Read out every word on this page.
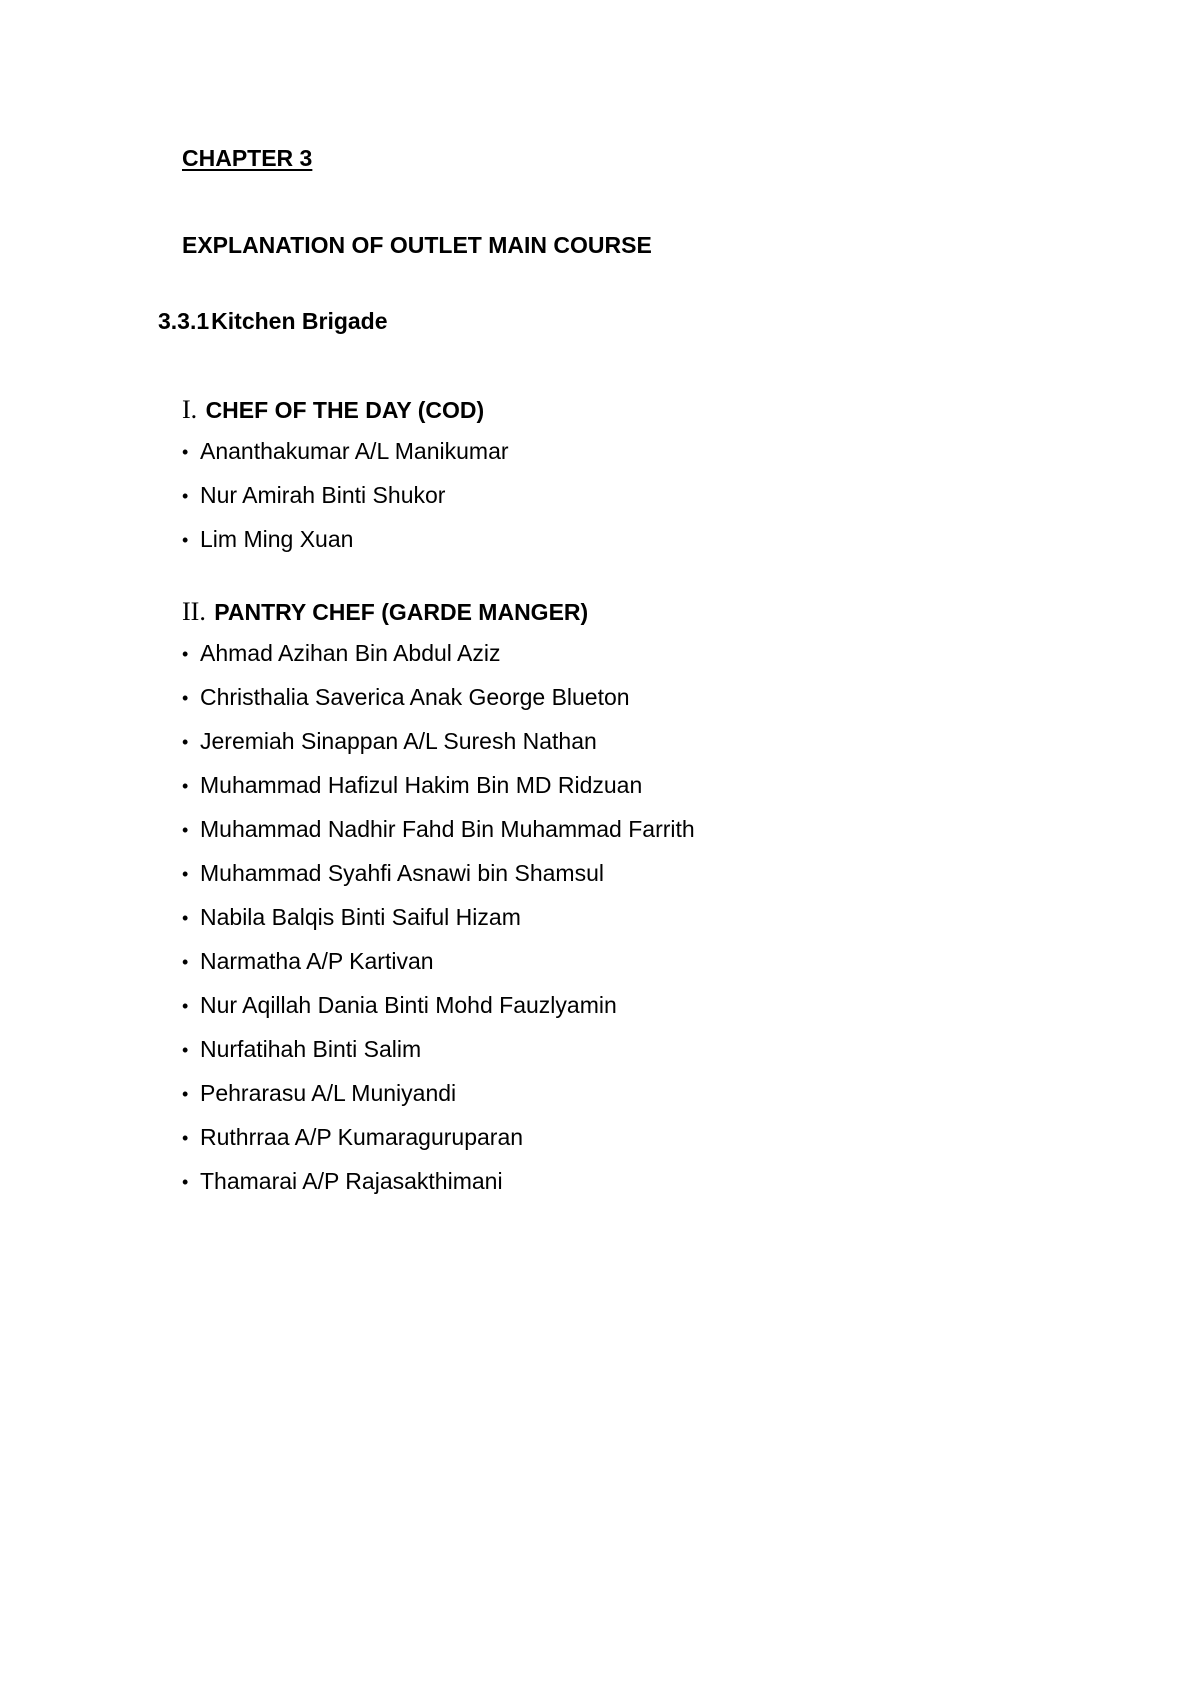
CHAPTER 3
EXPLANATION OF OUTLET MAIN COURSE
3.3.1Kitchen Brigade
I. CHEF OF THE DAY (COD)
• Ananthakumar A/L Manikumar
• Nur Amirah Binti Shukor
• Lim Ming Xuan
II. PANTRY CHEF (GARDE MANGER)
• Ahmad Azihan Bin Abdul Aziz
• Christhalia Saverica Anak George Blueton
• Jeremiah Sinappan A/L Suresh Nathan
• Muhammad Hafizul Hakim Bin MD Ridzuan
• Muhammad Nadhir Fahd Bin Muhammad Farrith
• Muhammad Syahfi Asnawi bin Shamsul
• Nabila Balqis Binti Saiful Hizam
• Narmatha A/P Kartivan
• Nur Aqillah Dania Binti Mohd Fauzlyamin
• Nurfatihah Binti Salim
• Pehrarasu A/L Muniyandi
• Ruthrraa A/P Kumaraguruparan
• Thamarai A/P Rajasakthimani
